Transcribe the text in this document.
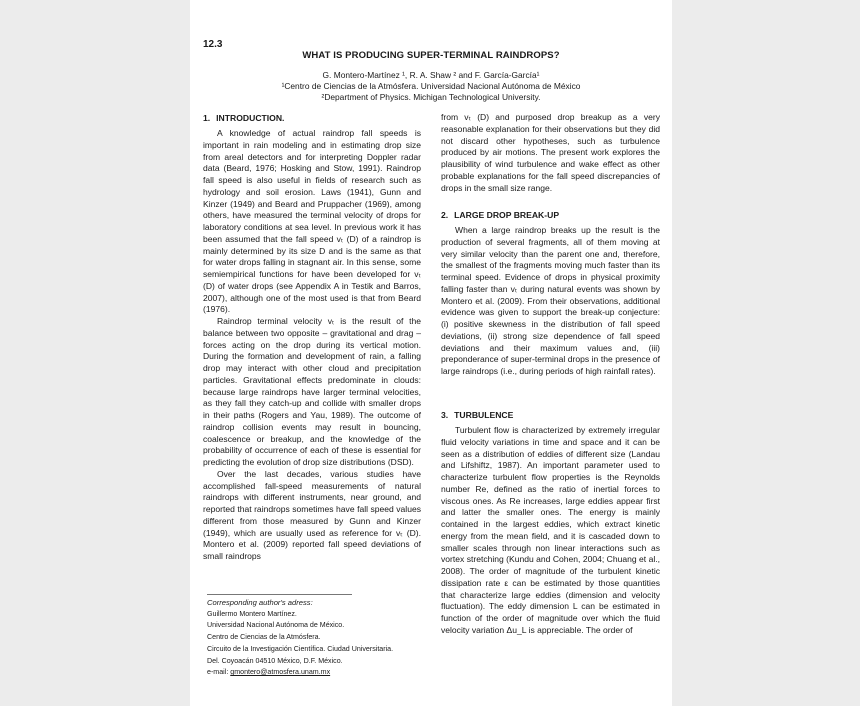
12.3
WHAT IS PRODUCING SUPER-TERMINAL RAINDROPS?
G. Montero-Martínez ¹, R. A. Shaw ² and F. García-García¹
¹Centro de Ciencias de la Atmósfera. Universidad Nacional Autónoma de México
²Department of Physics. Michigan Technological University.
1. INTRODUCTION.

A knowledge of actual raindrop fall speeds is important in rain modeling and in estimating drop size from areal detectors and for interpreting Doppler radar data (Beard, 1976; Hosking and Stow, 1991). Raindrop fall speed is also useful in fields of research such as hydrology and soil erosion. Laws (1941), Gunn and Kinzer (1949) and Beard and Pruppacher (1969), among others, have measured the terminal velocity of drops for laboratory conditions at sea level. In previous work it has been assumed that the fall speed vₜ (D) of a raindrop is mainly determined by its size D and is the same as that for water drops falling in stagnant air. In this sense, some semiempirical functions for have been developed for vₜ (D) of water drops (see Appendix A in Testik and Barros, 2007), although one of the most used is that from Beard (1976).

Raindrop terminal velocity vₜ is the result of the balance between two opposite – gravitational and drag – forces acting on the drop during its vertical motion. During the formation and development of rain, a falling drop may interact with other cloud and precipitation particles. Gravitational effects predominate in clouds: because large raindrops have larger terminal velocities, as they fall they catch-up and collide with smaller drops in their paths (Rogers and Yau, 1989). The outcome of raindrop collision events may result in bouncing, coalescence or breakup, and the knowledge of the probability of occurrence of each of these is essential for predicting the evolution of drop size distributions (DSD).

Over the last decades, various studies have accomplished fall-speed measurements of natural raindrops with different instruments, near ground, and reported that raindrops sometimes have fall speed values different from those measured by Gunn and Kinzer (1949), which are usually used as reference for vₜ (D). Montero et al. (2009) reported fall speed deviations of small raindrops

from vₜ (D) and purposed drop breakup as a very reasonable explanation for their observations but they did not discard other hypotheses, such as turbulence produced by air motions. The present work explores the plausibility of wind turbulence and wake effect as other probable explanations for the fall speed discrepancies of drops in the small size range.

2. LARGE DROP BREAK-UP

When a large raindrop breaks up the result is the production of several fragments, all of them moving at very similar velocity than the parent one and, therefore, the smallest of the fragments moving much faster than its terminal speed. Evidence of drops in physical proximity falling faster than vₜ during natural events was shown by Montero et al. (2009). From their observations, additional evidence was given to support the break-up conjecture: (i) positive skewness in the distribution of fall speed deviations, (ii) strong size dependence of fall speed deviations and their maximum values and, (iii) preponderance of super-terminal drops in the presence of large raindrops (i.e., during periods of high rainfall rates).

3. TURBULENCE

Turbulent flow is characterized by extremely irregular fluid velocity variations in time and space and it can be seen as a distribution of eddies of different size (Landau and Lifshiftz, 1987). An important parameter used to characterize turbulent flow properties is the Reynolds number Re, defined as the ratio of inertial forces to viscous ones. As Re increases, large eddies appear first and latter the smaller ones. The energy is mainly contained in the largest eddies, which extract kinetic energy from the mean field, and it is cascaded down to smaller scales through non linear interactions such as vortex stretching (Kundu and Cohen, 2004; Chuang et al., 2008). The order of magnitude of the turbulent kinetic dissipation rate ε can be estimated by those quantities that characterize large eddies (dimension and velocity fluctuation). The eddy dimension L can be estimated in function of the order of magnitude over which the fluid velocity variation Δu_L is appreciable. The order of

Corresponding author's adress:
Guillermo Montero Martínez.
Universidad Nacional Autónoma de México.
Centro de Ciencias de la Atmósfera.
Circuito de la Investigación Científica. Ciudad Universitaria.
Del. Coyoacán 04510 México, D.F. México.
e-mail: gmontero@atmosfera.unam.mx
